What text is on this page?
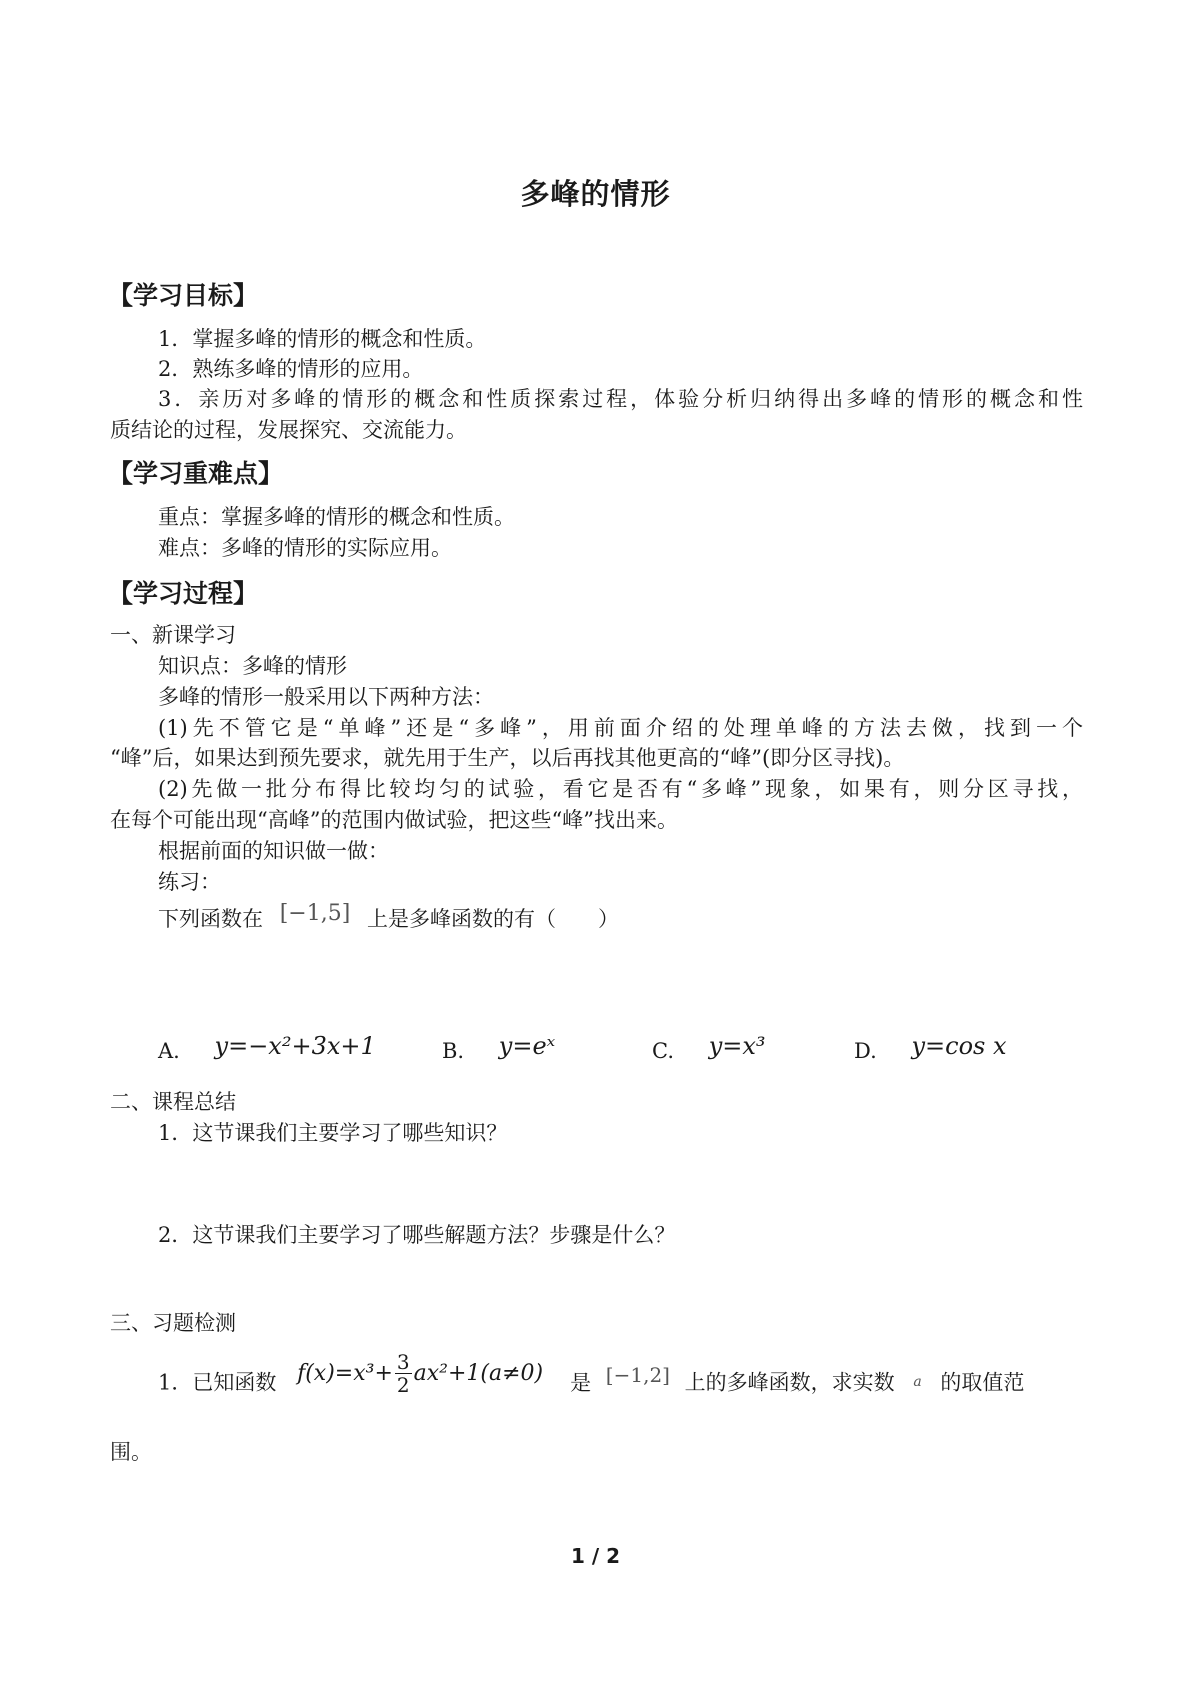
多峰的情形
【学习目标】
1．掌握多峰的情形的概念和性质。
2．熟练多峰的情形的应用。
3．亲历对多峰的情形的概念和性质探索过程，体验分析归纳得出多峰的情形的概念和性
质结论的过程，发展探究、交流能力。
【学习重难点】
重点：掌握多峰的情形的概念和性质。
难点：多峰的情形的实际应用。
【学习过程】
一、新课学习
知识点：多峰的情形
多峰的情形一般采用以下两种方法：
(1)先不管它是“单峰”还是“多峰”，用前面介绍的处理单峰的方法去傚，找到一个
“峰”后，如果达到预先要求，就先用于生产，以后再找其他更高的“峰”(即分区寻找)。
(2)先做一批分布得比较均匀的试验，看它是否有“多峰”现象，如果有，则分区寻找，
在每个可能出现“高峰”的范围内做试验，把这些“峰”找出来。
根据前面的知识做一做：
练习：
下列函数在 [−1,5] 上是多峰函数的有（　　）
A. y=−x²+3x+1	B. y=eˣ	C. y=x³	D. y=cos x
二、课程总结
1．这节课我们主要学习了哪些知识？
2．这节课我们主要学习了哪些解题方法？步骤是什么？
三、习题检测
1．已知函数 $f(x)=x^3+ \frac{3}{2} ax^2+1(a\ne 0)$ 是 [−1,2] 上的多峰函数，求实数 $_a$ 的取值范
围。
1 / 2
